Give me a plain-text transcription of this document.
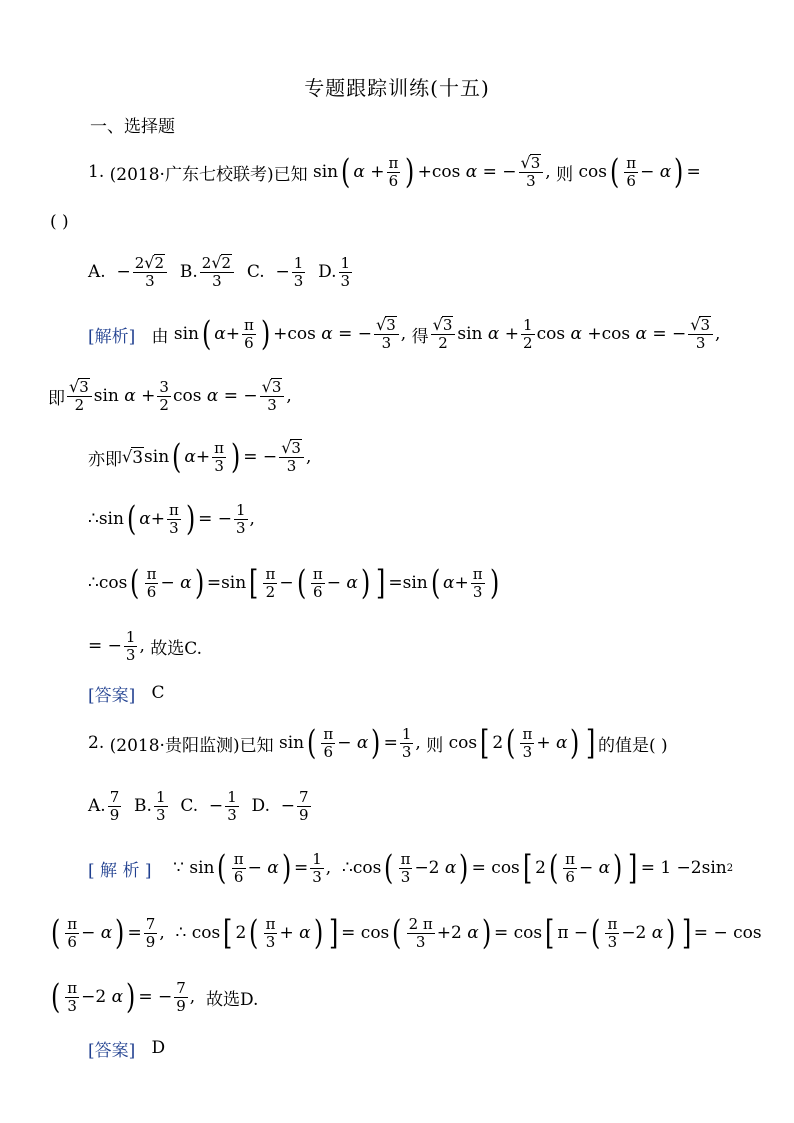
专题跟踪训练(十五)
一、选择题
1.
(2018·广东七校联考)已知 sin ( $\alpha + \frac{\pi}{6}$ ) +cos α = − $\frac{√ 3}{3}$ , 则 cos ( $\frac{\pi}{6} - \alpha$ ) =
( )
A. − $\frac{2 √ 2}{3}$
B. $\frac{2 √ 2}{3}$
C. − $\frac{1}{3}$
D. $\frac{1}{3}$
[解析]
由 sin ( $\alpha + \frac{\pi}{6}$ ) +cos α = − $\frac{√ 3}{3}$ , 得 $\frac{√ 3}{2}$ $\sin \alpha + \frac{1}{2}$ cos α +cos α = − $\frac{√ 3}{3}$ ,
即 $\frac{√ 3}{2}$ $\sin \alpha + \frac{3}{2}$ cos α = − $\frac{√ 3}{3}$ ,
亦即 √ 3 sin ( $\alpha + \frac{\pi}{3}$ ) = − $\frac{√ 3}{3}$ ,
∴ sin ( $\alpha + \frac{\pi}{3}$ ) = − $\frac{1}{3}$ ,
∴ cos ( $\frac{\pi}{6} - \alpha$ ) =sin [ $\frac{\pi}{2}$ − ( $\frac{\pi}{6} - \alpha$ ) ] =sin ( $\alpha + \frac{\pi}{3}$ )
= − $\frac{1}{3}$ , 故选C.
[答案]
C
2.
(2018·贵阳监测)已知 sin ( $\frac{\pi}{6} - \alpha$ ) = $\frac{1}{3}$ , 则 cos [ 2 ( $\frac{\pi}{3} + \alpha$ ) ] 的值是( )
A. $\frac{7}{9}$
B. $\frac{1}{3}$
C. − $\frac{1}{3}$
D. − $\frac{7}{9}$
[ 解 析 ]
∵ sin ( $\frac{\pi}{6} - \alpha$ ) = $\frac{1}{3}$ , ∴ cos ( $\frac{\pi}{3} -2$ α ) = cos [ 2 ( $\frac{\pi}{6} - \alpha$ ) ] = 1 −2sin 2
( $\frac{\pi}{6} - \alpha$ ) = $\frac{7}{9}$ , ∴ cos [ 2 ( $\frac{\pi}{3} + \alpha$ ) ] = cos ( $\frac{2 \pi}{3} +2$ α ) = cos [ π − ( $\frac{\pi}{3} -2$ α ) ] = − cos
( $\frac{\pi}{3} -2$ α ) = − $\frac{7}{9}$ , 故选D.
[答案]
D
